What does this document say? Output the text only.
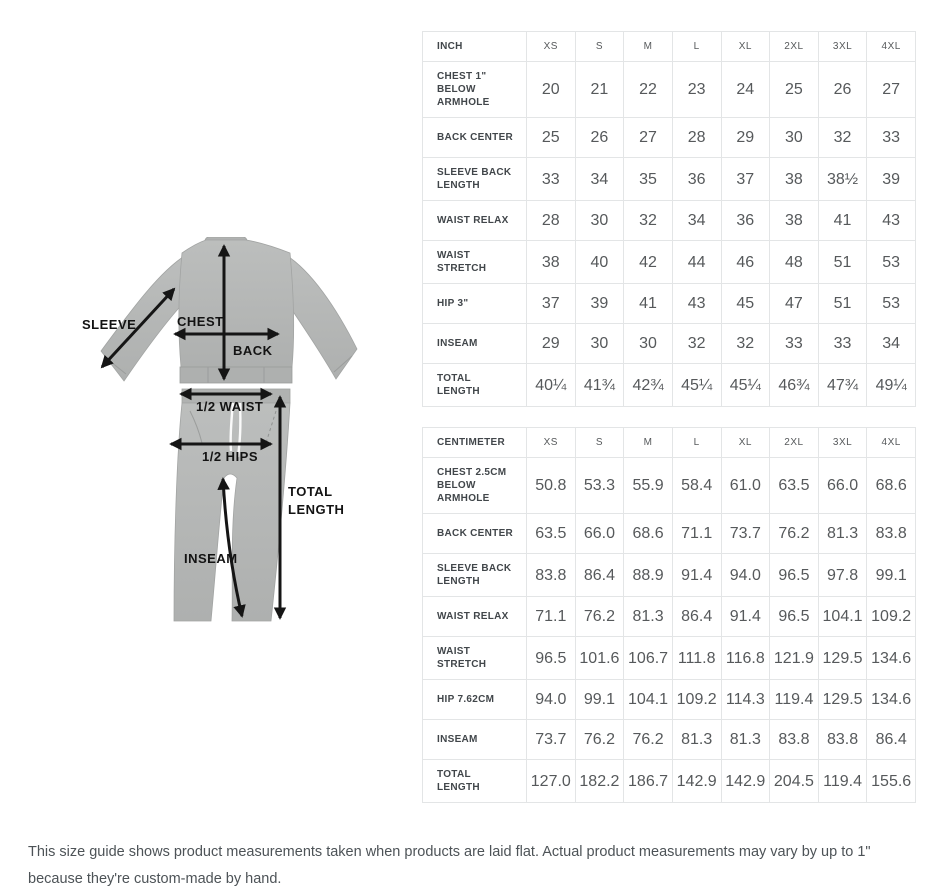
SLEEVE	CHEST
BACK
1/2 WAIST
1/2 HIPS
TOTAL
LENGTH
INSEAM
INCH	XS	S	M	L	XL	2XL	3XL	4XL
CHEST 1" BELOW ARMHOLE	20	21	22	23	24	25	26	27
BACK CENTER	25	26	27	28	29	30	32	33
SLEEVE BACK LENGTH	33	34	35	36	37	38	38½	39
WAIST RELAX	28	30	32	34	36	38	41	43
WAIST STRETCH	38	40	42	44	46	48	51	53
HIP 3"	37	39	41	43	45	47	51	53
INSEAM	29	30	30	32	32	33	33	34
TOTAL LENGTH	40¼	41¾	42¾	45¼	45¼	46¾	47¾	49¼
CENTIMETER	XS	S	M	L	XL	2XL	3XL	4XL
CHEST 2.5CM BELOW ARMHOLE	50.8	53.3	55.9	58.4	61.0	63.5	66.0	68.6
BACK CENTER	63.5	66.0	68.6	71.1	73.7	76.2	81.3	83.8
SLEEVE BACK LENGTH	83.8	86.4	88.9	91.4	94.0	96.5	97.8	99.1
WAIST RELAX	71.1	76.2	81.3	86.4	91.4	96.5	104.1	109.2
WAIST STRETCH	96.5	101.6	106.7	111.8	116.8	121.9	129.5	134.6
HIP 7.62CM	94.0	99.1	104.1	109.2	114.3	119.4	129.5	134.6
INSEAM	73.7	76.2	76.2	81.3	81.3	83.8	83.8	86.4
TOTAL LENGTH	127.0	182.2	186.7	142.9	142.9	204.5	119.4	155.6

This size guide shows product measurements taken when products are laid flat. Actual product measurements may vary by up to 1" because they're custom-made by hand.
